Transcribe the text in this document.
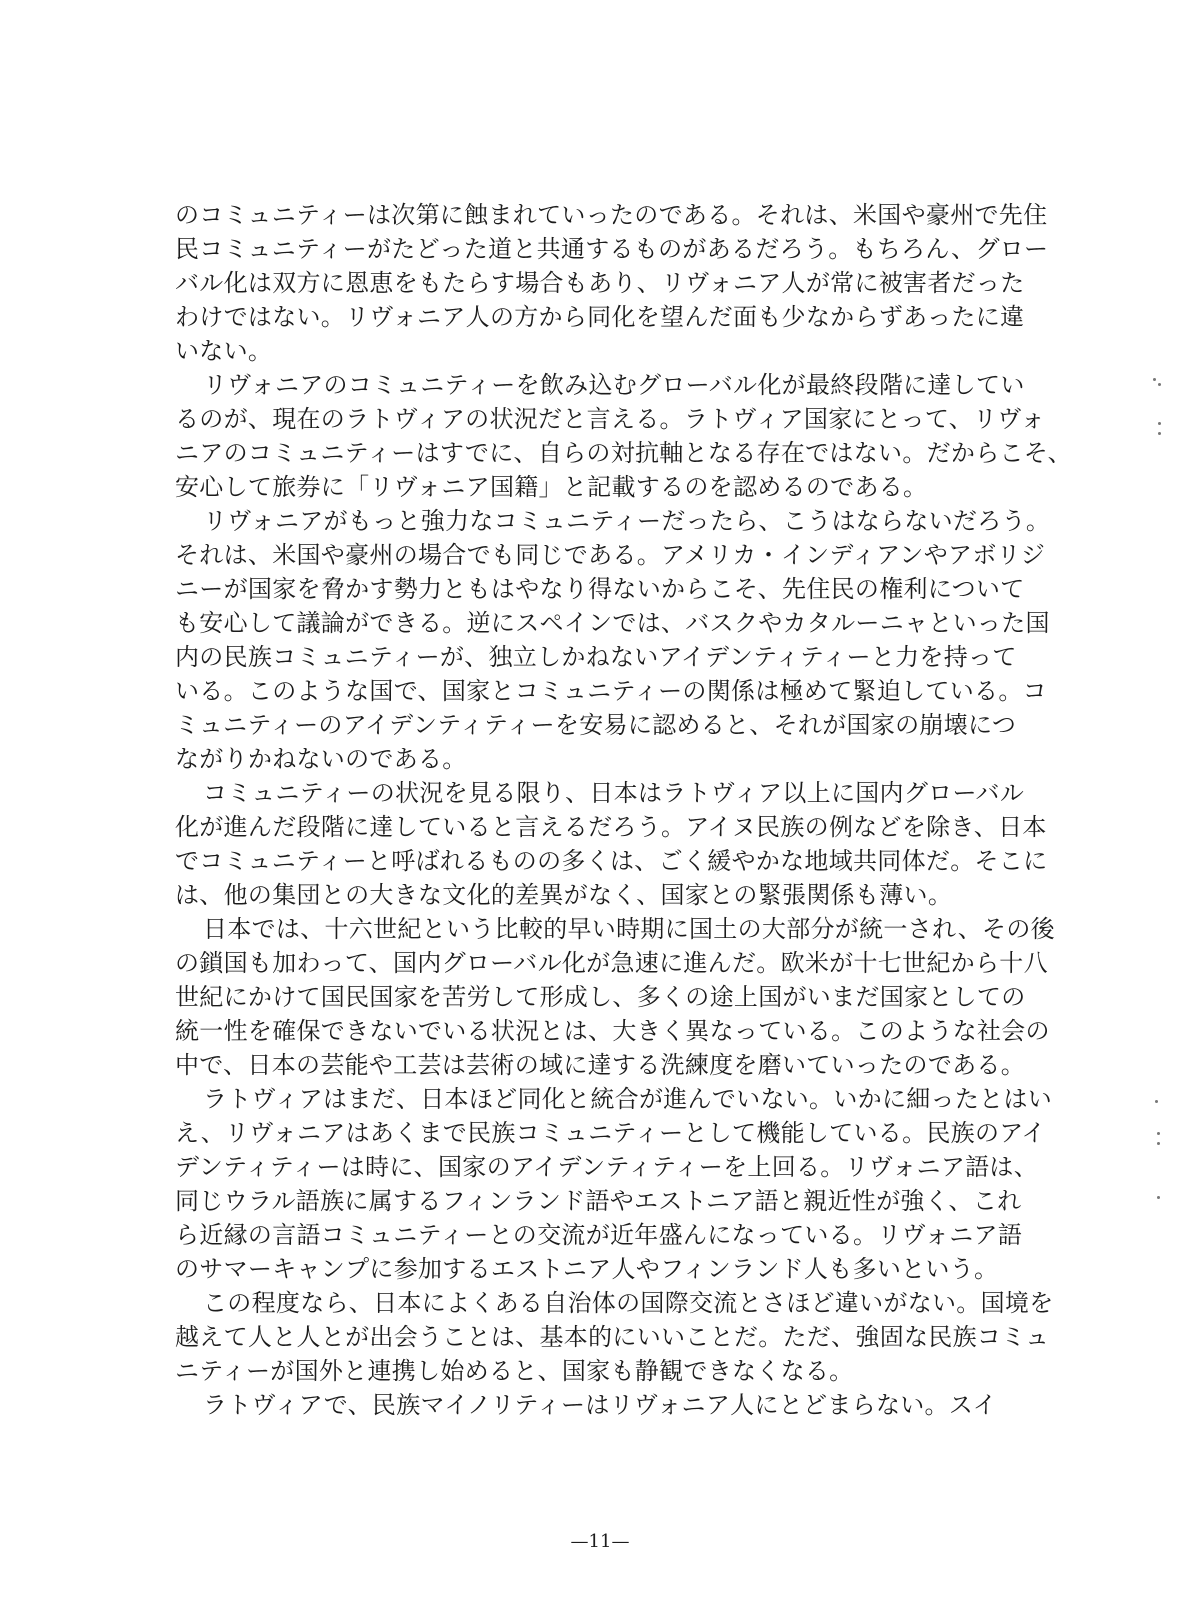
のコミュニティーは次第に蝕まれていったのである。それは、米国や豪州で先住
民コミュニティーがたどった道と共通するものがあるだろう。もちろん、グロー
バル化は双方に恩恵をもたらす場合もあり、リヴォニア人が常に被害者だった
わけではない。リヴォニア人の方から同化を望んだ面も少なからずあったに違
いない。
リヴォニアのコミュニティーを飲み込むグローバル化が最終段階に達してい
るのが、現在のラトヴィアの状況だと言える。ラトヴィア国家にとって、リヴォ
ニアのコミュニティーはすでに、自らの対抗軸となる存在ではない。だからこそ、
安心して旅券に「リヴォニア国籍」と記載するのを認めるのである。
リヴォニアがもっと強力なコミュニティーだったら、こうはならないだろう。
それは、米国や豪州の場合でも同じである。アメリカ・インディアンやアボリジ
ニーが国家を脅かす勢力ともはやなり得ないからこそ、先住民の権利について
も安心して議論ができる。逆にスペインでは、バスクやカタルーニャといった国
内の民族コミュニティーが、独立しかねないアイデンティティーと力を持って
いる。このような国で、国家とコミュニティーの関係は極めて緊迫している。コ
ミュニティーのアイデンティティーを安易に認めると、それが国家の崩壊につ
ながりかねないのである。
コミュニティーの状況を見る限り、日本はラトヴィア以上に国内グローバル
化が進んだ段階に達していると言えるだろう。アイヌ民族の例などを除き、日本
でコミュニティーと呼ばれるものの多くは、ごく緩やかな地域共同体だ。そこに
は、他の集団との大きな文化的差異がなく、国家との緊張関係も薄い。
日本では、十六世紀という比較的早い時期に国土の大部分が統一され、その後
の鎖国も加わって、国内グローバル化が急速に進んだ。欧米が十七世紀から十八
世紀にかけて国民国家を苦労して形成し、多くの途上国がいまだ国家としての
統一性を確保できないでいる状況とは、大きく異なっている。このような社会の
中で、日本の芸能や工芸は芸術の域に達する洗練度を磨いていったのである。
ラトヴィアはまだ、日本ほど同化と統合が進んでいない。いかに細ったとはい
え、リヴォニアはあくまで民族コミュニティーとして機能している。民族のアイ
デンティティーは時に、国家のアイデンティティーを上回る。リヴォニア語は、
同じウラル語族に属するフィンランド語やエストニア語と親近性が強く、これ
ら近縁の言語コミュニティーとの交流が近年盛んになっている。リヴォニア語
のサマーキャンプに参加するエストニア人やフィンランド人も多いという。
この程度なら、日本によくある自治体の国際交流とさほど違いがない。国境を
越えて人と人とが出会うことは、基本的にいいことだ。ただ、強固な民族コミュ
ニティーが国外と連携し始めると、国家も静観できなくなる。
ラトヴィアで、民族マイノリティーはリヴォニア人にとどまらない。スイ
—11—
